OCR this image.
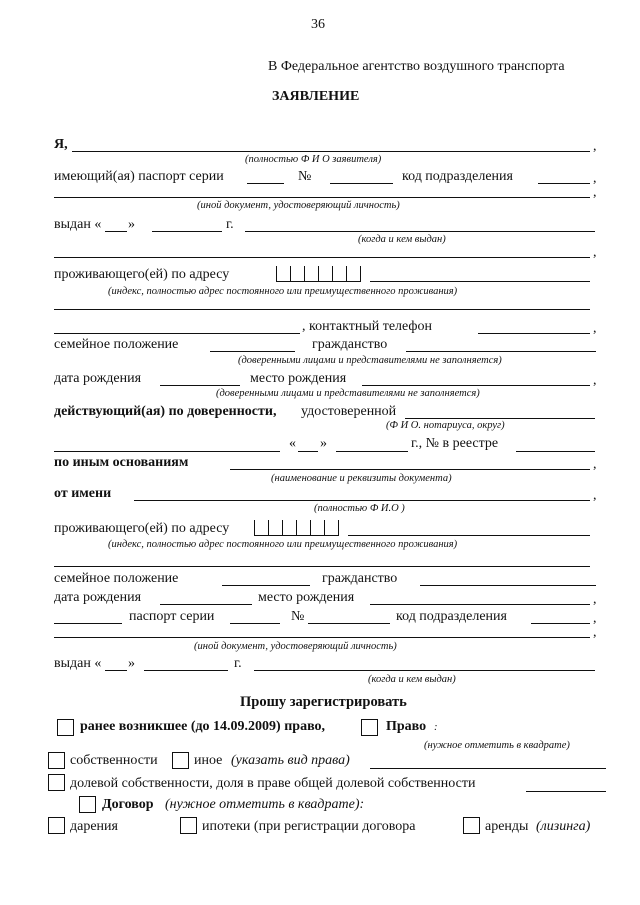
36
В Федеральное агентство воздушного транспорта
ЗАЯВЛЕНИЕ
Я,	,
(полностью Ф И О заявителя)
имеющий(ая) паспорт серии	№	код подразделения	,
,
(иной документ, удостоверяющий личность)
выдан « »	г.
(когда и кем выдан)
,
проживающего(ей) по адресу
(индекс, полностью адрес постоянного или преимущественного проживания)
, контактный телефон	,
семейное положение	гражданство
(доверенными лицами и представителями не заполняется)
дата рождения	место рождения	,
(доверенными лицами и представителями не заполняется)
действующий(ая) по доверенности, удостоверенной
(Ф И О. нотариуса, округ)
« »	г., № в реестре
по иным основаниям	,
(наименование и реквизиты документа)
от имени	,
(полностью Ф И.О )
проживающего(ей) по адресу
(индекс, полностью адрес постоянного или преимущественного проживания)
семейное положение	гражданство
дата рождения	место рождения	,
паспорт серии	№	код подразделения	,
,
(иной документ, удостоверяющий личность)
выдан « »	г.
(когда и кем выдан)
Прошу зарегистрировать
ранее возникшее (до 14.09.2009) право,	Право :
(нужное отметить в квадрате)
собственности	иное (указать вид права)
долевой собственности, доля в праве общей долевой собственности
Договор (нужное отметить в квадрате):
дарения	ипотеки (при регистрации договора	аренды (лизинга)
